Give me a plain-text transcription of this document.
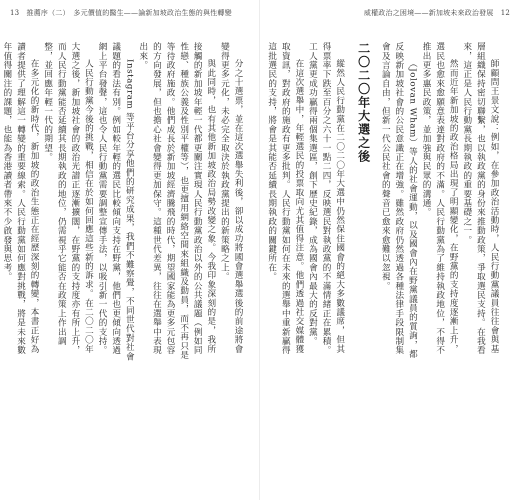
13　推薦序（二）　多元價值的醫生——論新加坡政治生態的與性轉變

分之十選票，並在這次選舉失利後，卻以成功將國會選舉選後的前途將會變得更多元化，未必完全取決於執政黨提出的新策略之上。

與此同時，也有其他新加坡政治局勢改變之象。今我印象深刻的是，我所接觸的新加坡年輕一代都更關注實現人民行動黨政治以外的公共議題（例如同性戀、種族公義及性別平權等），也更擅用網絡空間來組織及動員，而不再只是等待政府施政。他們成長於新加坡經濟騰飛的時代，期望國家能為更多元包容的方向發展，但也擔心社會變得更加保守。這種世代差異，往往在選舉中表現出來。

Instagram 等平台分享他們的研究成果，我們不難察覺，不同世代對社會議題的看法有別。例如較年輕的選民比較傾向支持在野黨，他們也更傾向透過網上平台發聲，這也令人民行動黨需要調整宣傳手法，以吸引新一代的支持。

人民行動黨今後的挑戰，相信在於如何回應這些新的訴求。在二〇二〇年大選之後，新加坡社會的政治光譜正逐漸擴闊，在野黨的支持度亦有所上升，而人民行動黨能否延續其長期執政的地位，仍需視乎它能否在政策上作出調整，並回應年輕一代的期望。

在多元化的新時代，新加坡的政治生態正在經歷深刻的轉變，本書正好為讀者提供了理解這一轉變的重要線索。人民行動黨如何應對挑戰，將是未來數年值得關注的課題，也能為香港讀者帶來不少啟發與思考。

威權政治之困境——新加坡未來政治發展　12

師顧問王景文說：例如，在參加政治活動時，人民行動黨議員往往會與基層組織保持密切聯繫，也以執政黨的身份來推動政策，爭取選民支持。在我看來，這正是人民行動黨長期執政的重要基礎之一。

然而近年新加坡的政治格局出現了明顯變化，在野黨的支持度逐漸上升，選民也愈來愈願意表達對政府的不滿。人民行動黨為了維持執政地位，不得不推出更多惠民政策，並加強與民眾的溝通。

（Jolovan Wham）等人的社會運動，以及國會內在野黨議員的質詢，都反映新加坡社會的公民意識正在增強。雖然政府仍然透過各種法律手段限制集會及言論自由，但新一代公民社會的聲音已愈來愈難以忽視。

二〇二〇年大選之後

縱然人民行動黨在二〇二〇年大選中仍然保住國會的絕大多數議席，但其得票率下跌至百分之六十一點二四，反映選民對執政黨的不滿情緒正在累積。工人黨更成功贏得兩個集選區，創下歷史紀錄，成為國會內最大的反對黨。

在這次選舉中，年輕選民的投票取向尤其值得注意。他們透過社交媒體獲取資訊，對政府的施政有更多批判。人民行動黨如何在未來的選舉中重新贏得這批選民的支持，將會是其能否延續長期執政的關鍵所在。
